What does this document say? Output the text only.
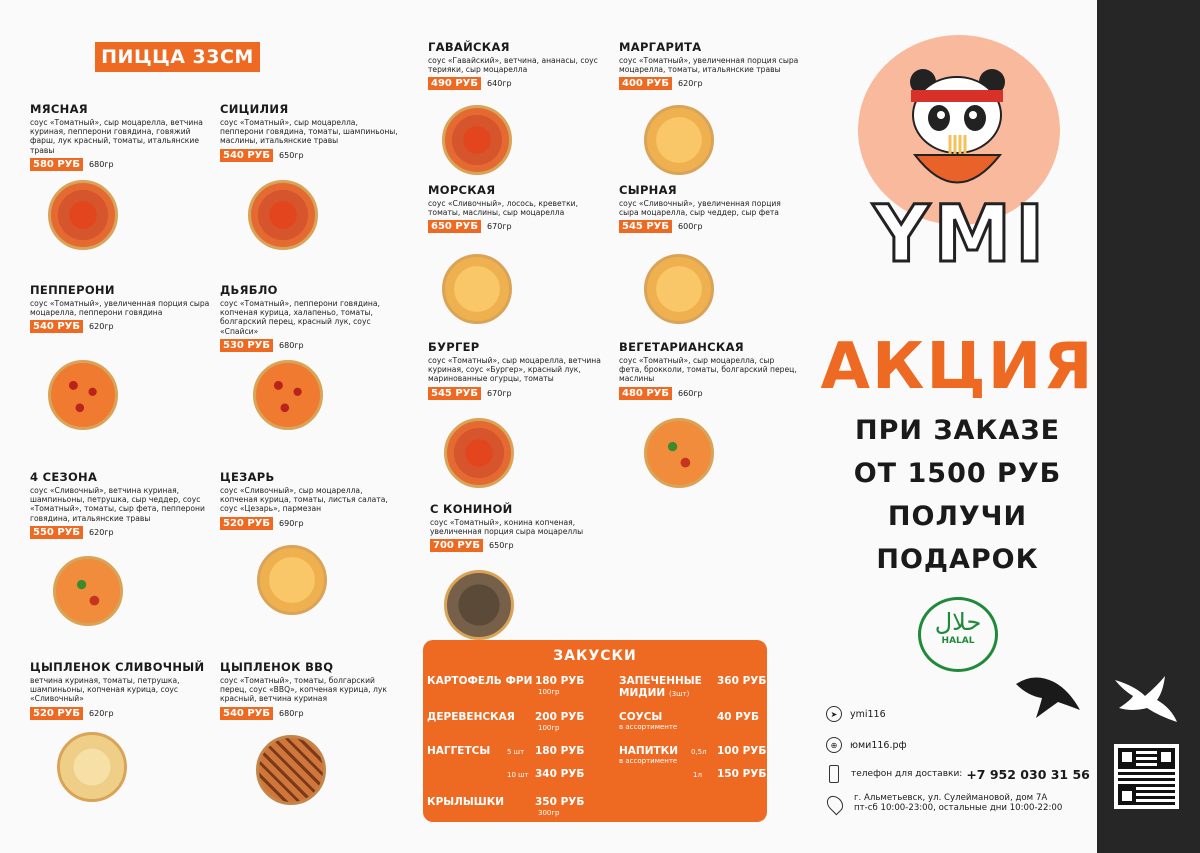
ПИЦЦА 33СМ
МЯСНАЯ
соус «Томатный», сыр моцарелла, ветчина куриная, пепперони говядина, говяжий фарш, лук красный, томаты, итальянские травы
580 РУБ	680гр
ПЕППЕРОНИ
соус «Томатный», увеличенная порция сыра моцарелла, пепперони говядина
540 РУБ	620гр
4 СЕЗОНА
соус «Сливочный», ветчина куриная, шампиньоны, петрушка, сыр чеддер, соус «Томатный», томаты, сыр фета, пепперони говядина, итальянские травы
550 РУБ	620гр
ЦЫПЛЕНОК СЛИВОЧНЫЙ
ветчина куриная, томаты, петрушка, шампиньоны, копченая курица, соус «Сливочный»
520 РУБ	620гр
СИЦИЛИЯ
соус «Томатный», сыр моцарелла, пепперони говядина, томаты, шампиньоны, маслины, итальянские травы
540 РУБ	650гр
ДЬЯБЛО
соус «Томатный», пепперони говядина, копченая курица, халапеньо, томаты, болгарский перец, красный лук, соус «Спайси»
530 РУБ	680гр
ЦЕЗАРЬ
соус «Сливочный», сыр моцарелла, копченая курица, томаты, листья салата, соус «Цезарь», пармезан
520 РУБ	690гр
ЦЫПЛЕНОК BBQ
соус «Томатный», томаты, болгарский перец, соус «BBQ», копченая курица, лук красный, ветчина куриная
540 РУБ	680гр
ГАВАЙСКАЯ
соус «Гавайский», ветчина, ананасы, соус терияки, сыр моцарелла
490 РУБ	640гр
МОРСКАЯ
соус «Сливочный», лосось, креветки, томаты, маслины, сыр моцарелла
650 РУБ	670гр
БУРГЕР
соус «Томатный», сыр моцарелла, ветчина куриная, соус «Бургер», красный лук, маринованные огурцы, томаты
545 РУБ	670гр
С КОНИНОЙ
соус «Томатный», конина копченая, увеличенная порция сыра моцареллы
700 РУБ	650гр
МАРГАРИТА
соус «Томатный», увеличенная порция сыра моцарелла, томаты, итальянские травы
400 РУБ	620гр
СЫРНАЯ
соус «Сливочный», увеличенная порция сыра моцарелла, сыр чеддер, сыр фета
545 РУБ	600гр
ВЕГЕТАРИАНСКАЯ
соус «Томатный», сыр моцарелла, сыр фета, брокколи, томаты, болгарский перец, маслины
480 РУБ	660гр
ЗАКУСКИ
КАРТОФЕЛЬ ФРИ 180 РУБ
100гр
ДЕРЕВЕНСКАЯ 200 РУБ
100гр
НАГГЕТСЫ 5 шт 180 РУБ
10 шт 340 РУБ
КРЫЛЫШКИ	350 РУБ
300гр
ЗАПЕЧЕННЫЕ
МИДИИ (3шт)
360 РУБ
СОУСЫ
в ассортименте
40 РУБ
НАПИТКИ
в ассортименте
0,5л 100 РУБ
1л 150 РУБ
YMI
АКЦИЯ
ПРИ ЗАКАЗЕ
ОТ 1500 РУБ
ПОЛУЧИ
ПОДАРОК
حلال
HALAL
➤	ymi116
⊕	юми116.рф
телефон для доставки: +7 952 030 31 56
г. Альметьевск, ул. Сулеймановой, дом 7А
пт-сб 10:00-23:00, остальные дни 10:00-22:00
